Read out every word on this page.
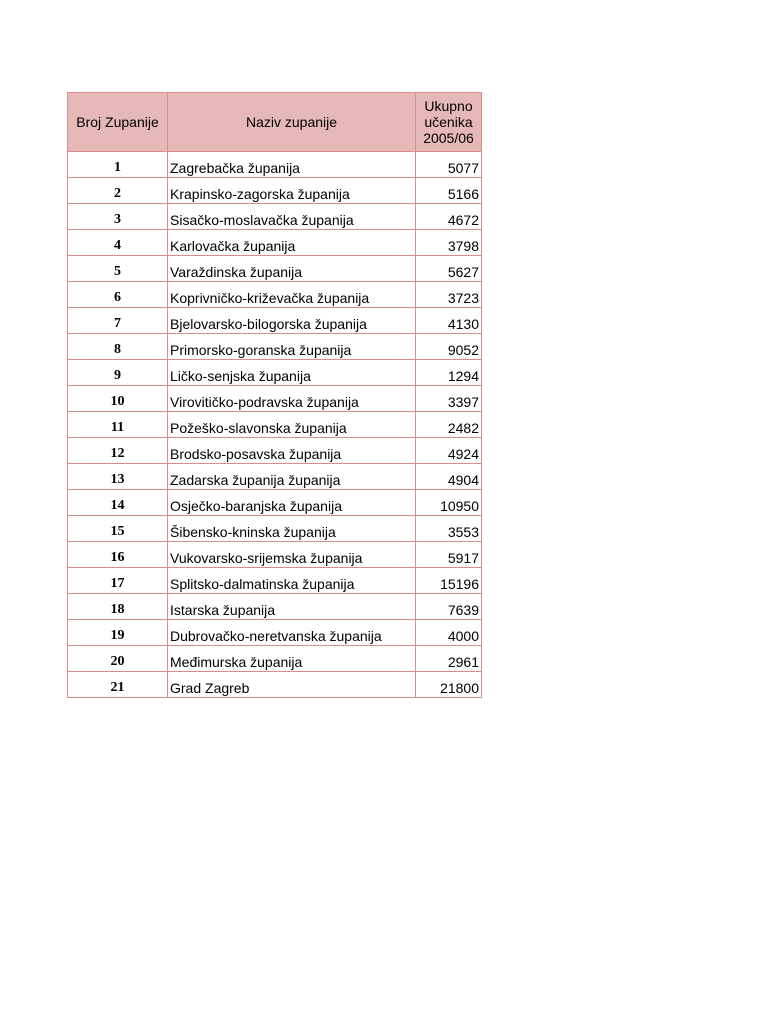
Broj Zupanije	Naziv zupanije	Ukupno
učenika
2005/06

1	Zagrebačka županija	5077
2	Krapinsko-zagorska županija	5166
3	Sisačko-moslavačka županija	4672
4	Karlovačka županija	3798
5	Varaždinska županija	5627
6	Koprivničko-križevačka županija	3723
7	Bjelovarsko-bilogorska županija	4130
8	Primorsko-goranska županija	9052
9	Ličko-senjska županija	1294
10	Virovitičko-podravska županija	3397
11	Požeško-slavonska županija	2482
12	Brodsko-posavska županija	4924
13	Zadarska županija županija	4904
14	Osječko-baranjska županija	10950
15	Šibensko-kninska županija	3553
16	Vukovarsko-srijemska županija	5917
17	Splitsko-dalmatinska županija	15196
18	Istarska županija	7639
19	Dubrovačko-neretvanska županija	4000
20	Međimurska županija	2961
21	Grad Zagreb	21800
